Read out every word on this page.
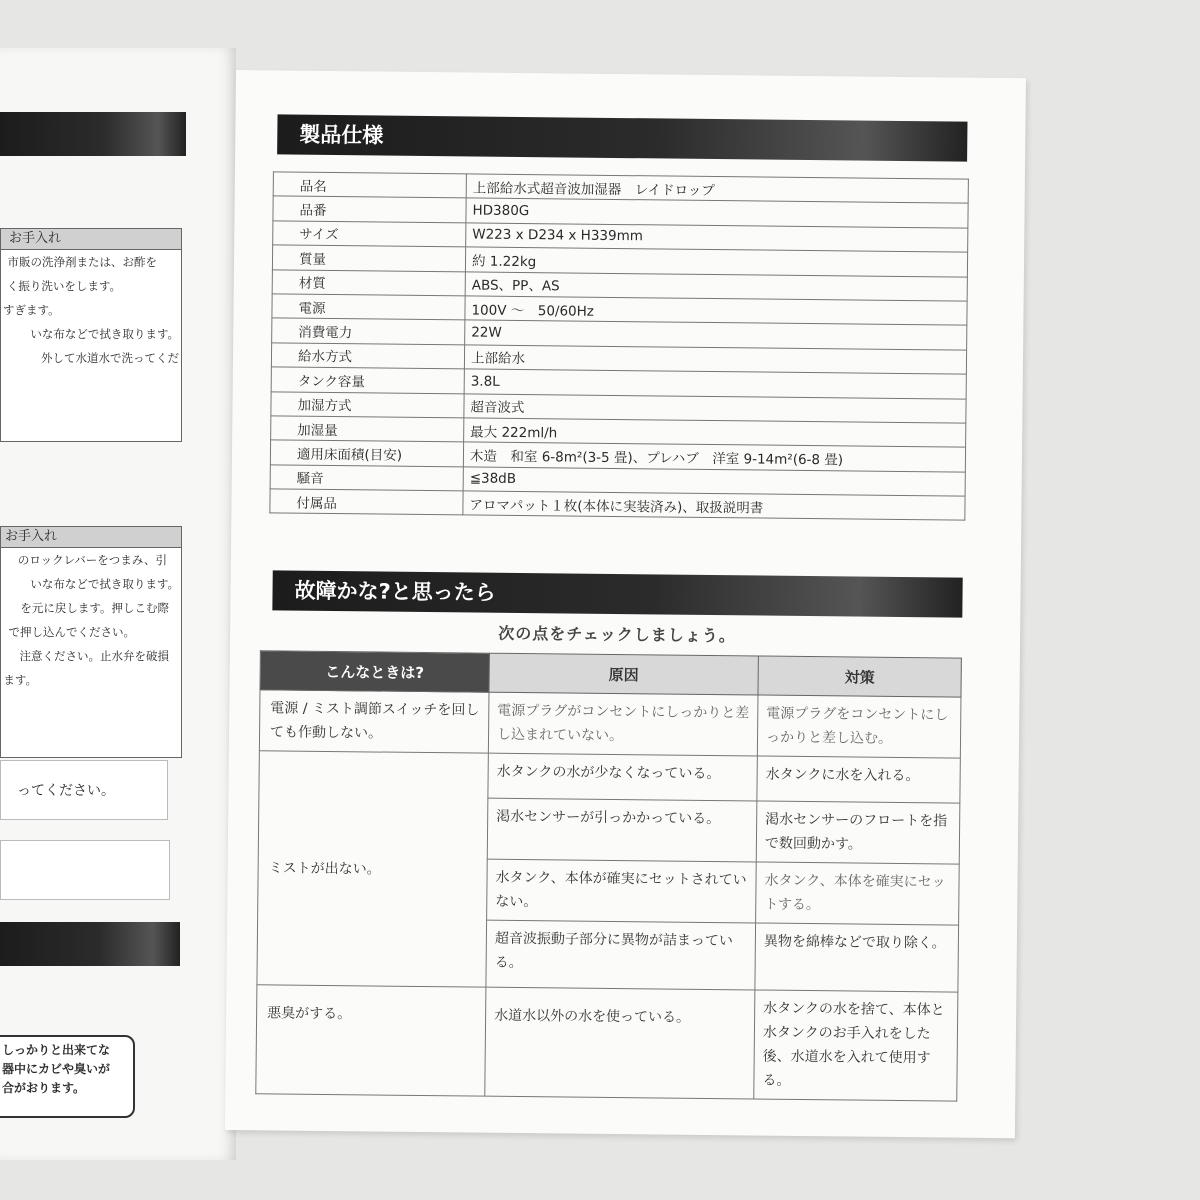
お手入れ
市販の洗浄剤または、お酢を
く振り洗いをします。
すぎます。
いな布などで拭き取ります。
外して水道水で洗ってくだ
お手入れ
のロックレバーをつまみ、引
いな布などで拭き取ります。
を元に戻します。押しこむ際
で押し込んでください。
注意ください。止水弁を破損
ます。
ってください。
しっかりと出来てな
器中にカビや臭いが
合がおります。
製品仕様
品名	上部給水式超音波加湿器　レイドロップ
品番	HD380G
サイズ	W223 x D234 x H339mm
質量	約 1.22kg
材質	ABS、PP、AS
電源	100V ～　50/60Hz
消費電力	22W
給水方式	上部給水
タンク容量	3.8L
加湿方式	超音波式
加湿量	最大 222ml/h
適用床面積(目安)	木造　和室 6-8m²(3-5 畳)、プレハブ　洋室 9-14m²(6-8 畳)
騒音	≦38dB
付属品	アロマパット１枚(本体に実装済み)、取扱説明書
故障かな?と思ったら
次の点をチェックしましょう。
こんなときは?	原因	対策
電源 / ミスト調節スイッチを回しても作動しない。	電源プラグがコンセントにしっかりと差し込まれていない。	電源プラグをコンセントにしっかりと差し込む。
ミストが出ない。	水タンクの水が少なくなっている。	水タンクに水を入れる。
	渇水センサーが引っかかっている。	渇水センサーのフロートを指で数回動かす。
	水タンク、本体が確実にセットされていない。	水タンク、本体を確実にセットする。
	超音波振動子部分に異物が詰まっている。	異物を綿棒などで取り除く。
悪臭がする。	水道水以外の水を使っている。	水タンクの水を捨て、本体と水タンクのお手入れをした後、水道水を入れて使用する。
